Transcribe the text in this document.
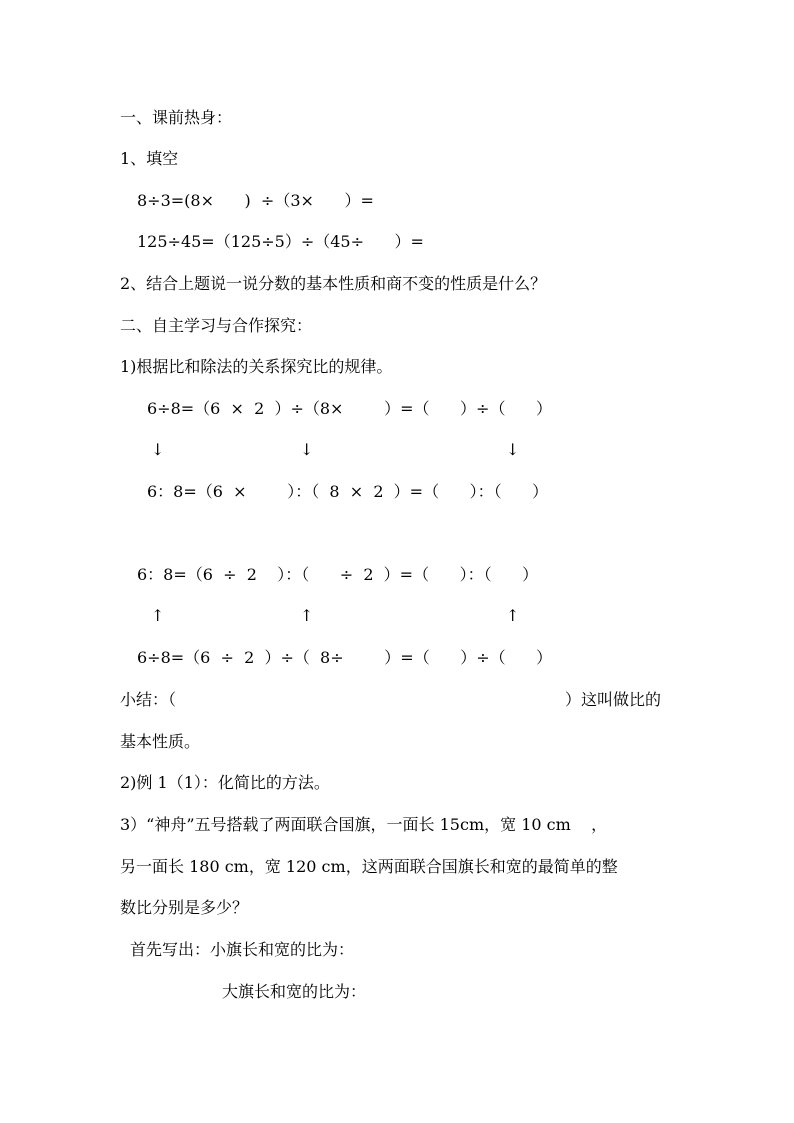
一、课前热身：
1、填空
8÷3=(8×      )  ÷（3×      ）=
125÷45=（125÷5）÷（45÷      ）=
2、结合上题说一说分数的基本性质和商不变的性质是什么？
二、自主学习与合作探究：
1)根据比和除法的关系探究比的规律。
6÷8=（6  ×  2  ）÷（8×        ）=（      ）÷（      ）
↓	↓	↓
6：8=（6  ×        ）：（  8  ×  2  ）=（      ）：（      ）
6：8=（6  ÷  2    ）：（      ÷  2  ）=（      ）：（      ）
↑	↑	↑
6÷8=（6  ÷  2  ）÷（  8÷        ）=（      ）÷（      ）
小结：（	）这叫做比的
基本性质。
2)例 1（1）：化简比的方法。
3）“神舟”五号搭载了两面联合国旗，一面长 15cm，宽 10 cm    ，
另一面长 180 cm，宽 120 cm，这两面联合国旗长和宽的最简单的整
数比分别是多少？
首先写出：小旗长和宽的比为：
大旗长和宽的比为：
